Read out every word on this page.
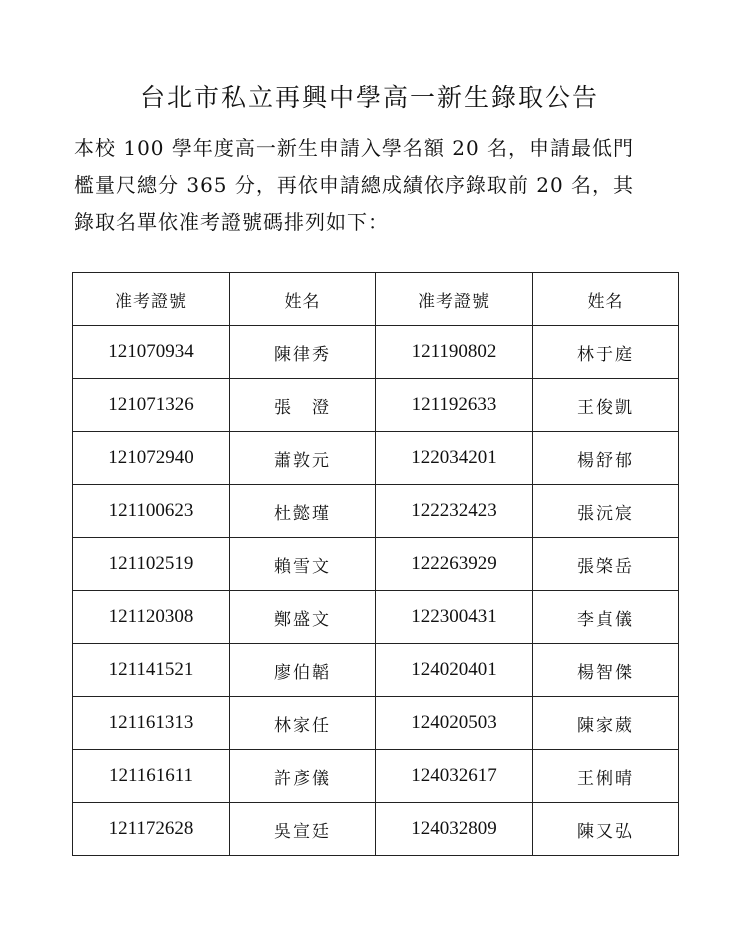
台北市私立再興中學高一新生錄取公告
本校 100 學年度高一新生申請入學名額 20 名，申請最低門
檻量尺總分 365 分，再依申請總成績依序錄取前 20 名，其
錄取名單依准考證號碼排列如下：
准考證號	姓名	准考證號	姓名
121070934	陳律秀	121190802	林于庭
121071326	張　澄	121192633	王俊凱
121072940	蕭敦元	122034201	楊舒郁
121100623	杜懿瑾	122232423	張沅宸
121102519	賴雪文	122263929	張棨岳
121120308	鄭盛文	122300431	李貞儀
121141521	廖伯韜	124020401	楊智傑
121161313	林家任	124020503	陳家葳
121161611	許彥儀	124032617	王俐晴
121172628	吳宣廷	124032809	陳又弘
